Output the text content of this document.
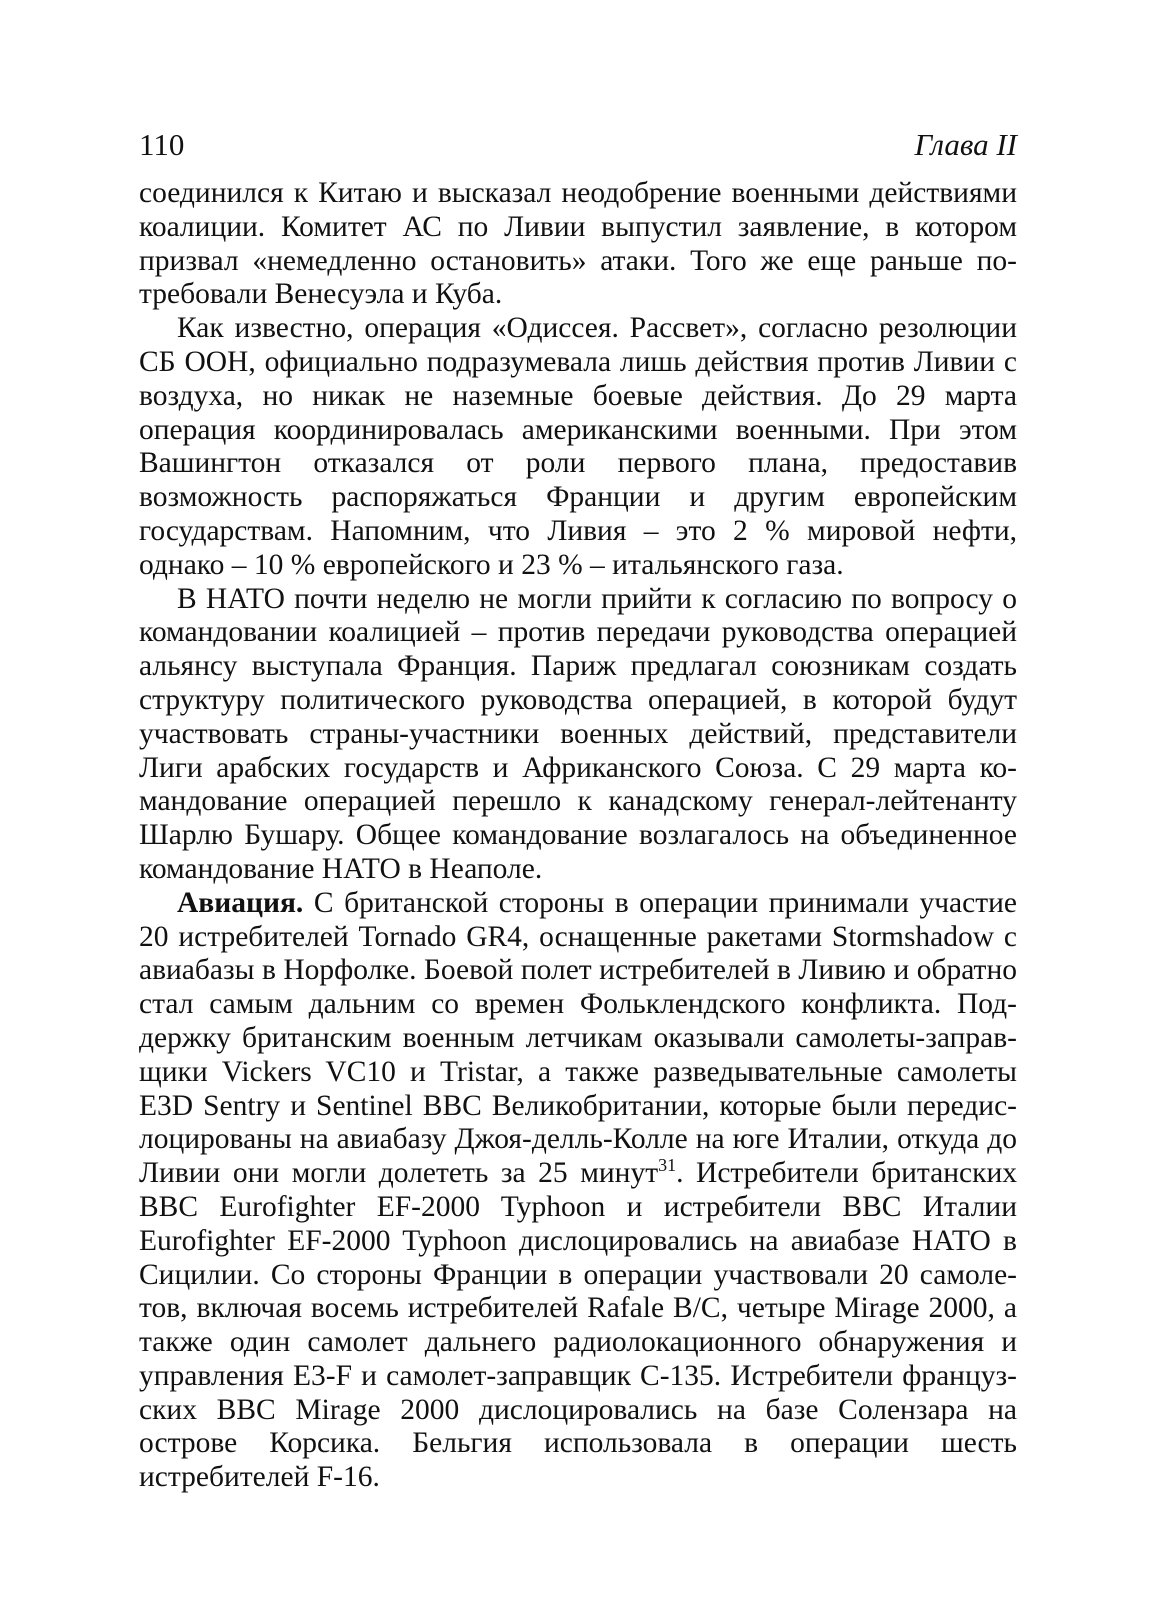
110	Глава II

соединился к Китаю и высказал неодобрение военными действиями коалиции. Комитет АС по Ливии выпустил заявление, в котором призвал «немедленно остановить» атаки. Того же еще раньше потребовали Венесуэла и Куба.

Как известно, операция «Одиссея. Рассвет», согласно резолюции СБ ООН, официально подразумевала лишь действия против Ливии с воздуха, но никак не наземные боевые действия. До 29 марта операция координировалась американскими военными. При этом Вашингтон отказался от роли первого плана, предоставив возможность распоряжаться Франции и другим европейским государствам. Напомним, что Ливия – это 2 % мировой нефти, однако – 10 % европейского и 23 % – итальянского газа.

В НАТО почти неделю не могли прийти к согласию по вопросу о командовании коалицией – против передачи руководства операцией альянсу выступала Франция. Париж предлагал союзникам создать структуру политического руководства операцией, в которой будут участвовать страны-участники военных действий, представители Лиги арабских государств и Африканского Союза. С 29 марта командование операцией перешло к канадскому генерал-лейтенанту Шарлю Бушару. Общее командование возлагалось на объединенное командование НАТО в Неаполе.

Авиация. С британской стороны в операции принимали участие 20 истребителей Tornado GR4, оснащенные ракетами Stormshadow с авиабазы в Норфолке. Боевой полет истребителей в Ливию и обратно стал самым дальним со времен Фольклендского конфликта. Поддержку британским военным летчикам оказывали самолеты-заправщики Vickers VC10 и Tristar, а также разведывательные самолеты E3D Sentry и Sentinel ВВС Великобритании, которые были передислоцированы на авиабазу Джоя-делль-Колле на юге Италии, откуда до Ливии они могли долететь за 25 минут$^{31}$. Истребители британских ВВС Eurofighter EF-2000 Typhoon и истребители ВВС Италии Eurofighter EF-2000 Typhoon дислоцировались на авиабазе НАТО в Сицилии. Со стороны Франции в операции участвовали 20 самолетов, включая восемь истребителей Rafale B/C, четыре Mirage 2000, а также один самолет дальнего радиолокационного обнаружения и управления E3-F и самолет-заправщик C-135. Истребители французских ВВС Mirage 2000 дислоцировались на базе Солензара на острове Корсика. Бельгия использовала в операции шесть истребителей F-16.
